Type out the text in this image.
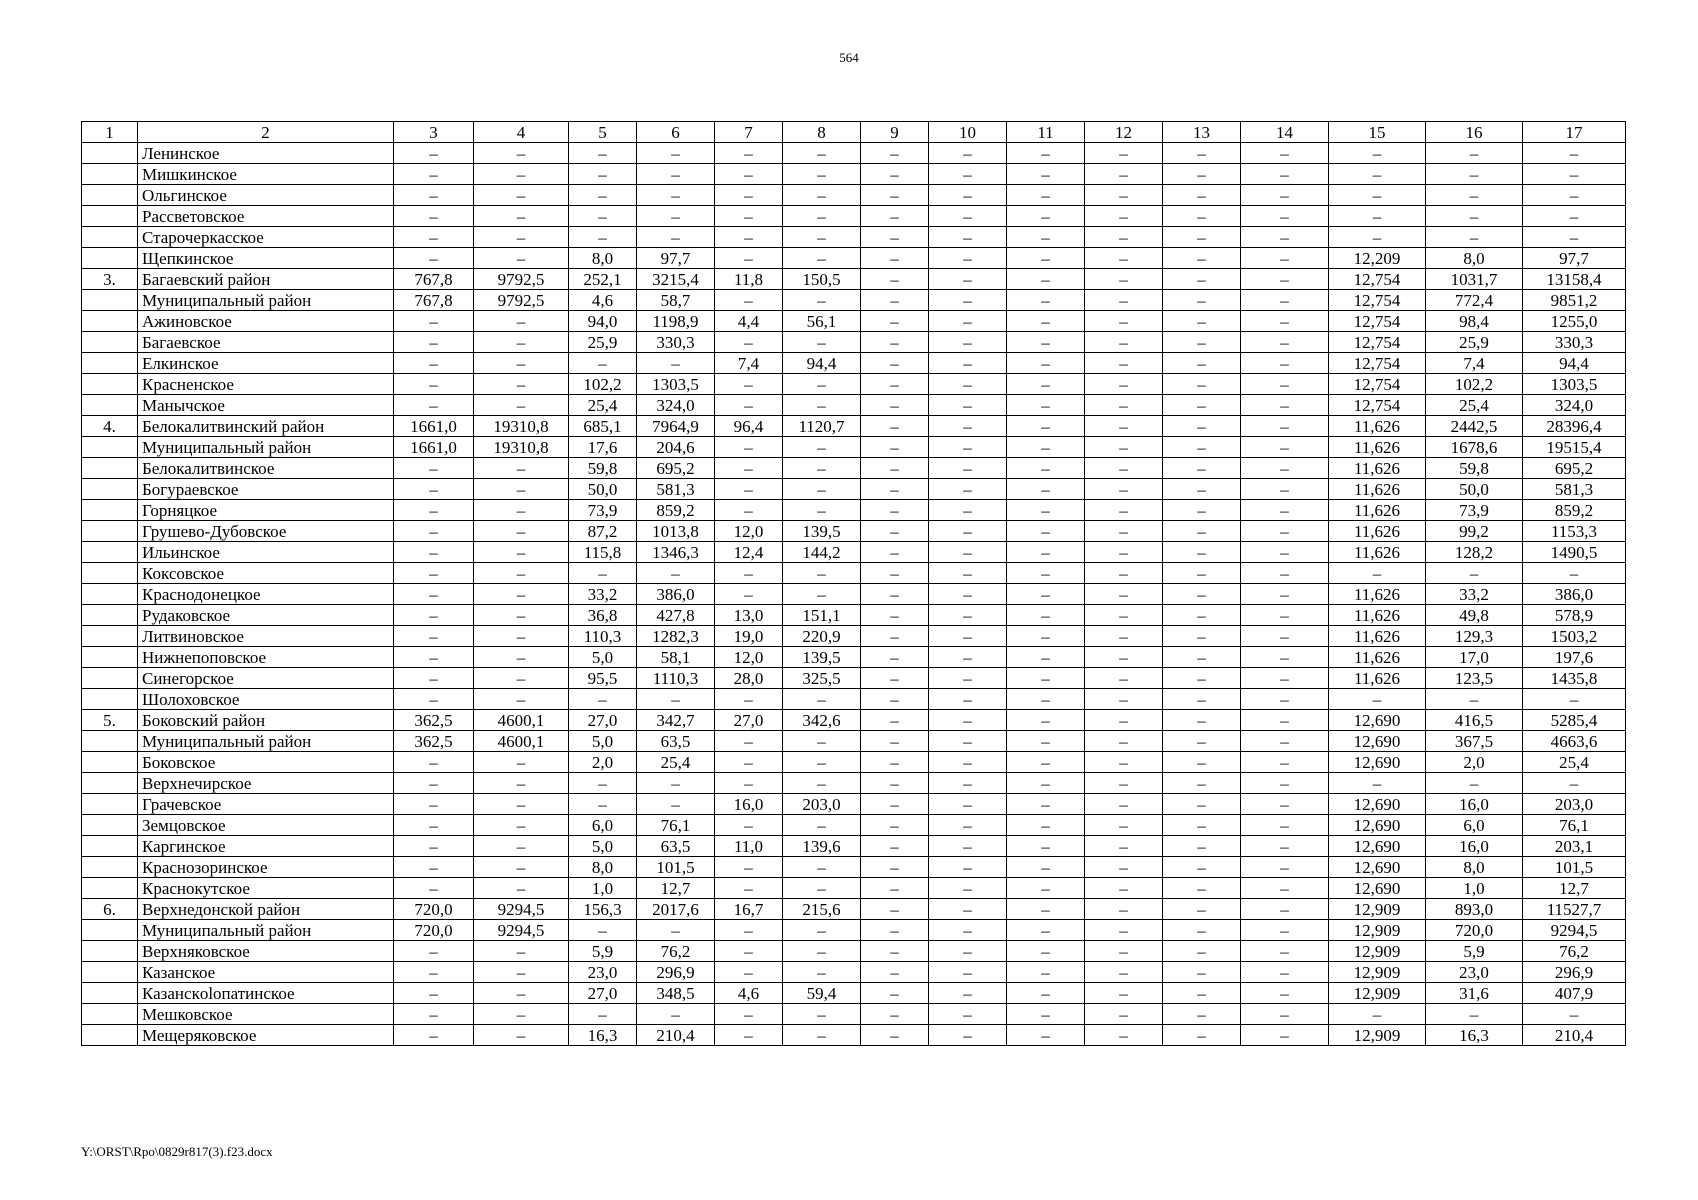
564
1	2	3	4	5	6	7	8	9	10	11	12	13	14	15	16	17
	Ленинское	–	–	–	–	–	–	–	–	–	–	–	–	–	–	–
	Мишкинское	–	–	–	–	–	–	–	–	–	–	–	–	–	–	–
	Ольгинское	–	–	–	–	–	–	–	–	–	–	–	–	–	–	–
	Рассветовское	–	–	–	–	–	–	–	–	–	–	–	–	–	–	–
	Старочеркасское	–	–	–	–	–	–	–	–	–	–	–	–	–	–	–
	Щепкинское	–	–	8,0	97,7	–	–	–	–	–	–	–	–	12,209	8,0	97,7
3.	Багаевский район	767,8	9792,5	252,1	3215,4	11,8	150,5	–	–	–	–	–	–	12,754	1031,7	13158,4
	Муниципальный район	767,8	9792,5	4,6	58,7	–	–	–	–	–	–	–	–	12,754	772,4	9851,2
	Ажиновское	–	–	94,0	1198,9	4,4	56,1	–	–	–	–	–	–	12,754	98,4	1255,0
	Багаевское	–	–	25,9	330,3	–	–	–	–	–	–	–	–	12,754	25,9	330,3
	Елкинское	–	–	–	–	7,4	94,4	–	–	–	–	–	–	12,754	7,4	94,4
	Красненское	–	–	102,2	1303,5	–	–	–	–	–	–	–	–	12,754	102,2	1303,5
	Манычское	–	–	25,4	324,0	–	–	–	–	–	–	–	–	12,754	25,4	324,0
4.	Белокалитвинский район	1661,0	19310,8	685,1	7964,9	96,4	1120,7	–	–	–	–	–	–	11,626	2442,5	28396,4
	Муниципальный район	1661,0	19310,8	17,6	204,6	–	–	–	–	–	–	–	–	11,626	1678,6	19515,4
	Белокалитвинское	–	–	59,8	695,2	–	–	–	–	–	–	–	–	11,626	59,8	695,2
	Богураевское	–	–	50,0	581,3	–	–	–	–	–	–	–	–	11,626	50,0	581,3
	Горняцкое	–	–	73,9	859,2	–	–	–	–	–	–	–	–	11,626	73,9	859,2
	Грушево-Дубовское	–	–	87,2	1013,8	12,0	139,5	–	–	–	–	–	–	11,626	99,2	1153,3
	Ильинское	–	–	115,8	1346,3	12,4	144,2	–	–	–	–	–	–	11,626	128,2	1490,5
	Коксовское	–	–	–	–	–	–	–	–	–	–	–	–	–	–	–
	Краснодонецкое	–	–	33,2	386,0	–	–	–	–	–	–	–	–	11,626	33,2	386,0
	Рудаковское	–	–	36,8	427,8	13,0	151,1	–	–	–	–	–	–	11,626	49,8	578,9
	Литвиновское	–	–	110,3	1282,3	19,0	220,9	–	–	–	–	–	–	11,626	129,3	1503,2
	Нижнепоповское	–	–	5,0	58,1	12,0	139,5	–	–	–	–	–	–	11,626	17,0	197,6
	Синегорское	–	–	95,5	1110,3	28,0	325,5	–	–	–	–	–	–	11,626	123,5	1435,8
	Шолоховское	–	–	–	–	–	–	–	–	–	–	–	–	–	–	–
5.	Боковский район	362,5	4600,1	27,0	342,7	27,0	342,6	–	–	–	–	–	–	12,690	416,5	5285,4
	Муниципальный район	362,5	4600,1	5,0	63,5	–	–	–	–	–	–	–	–	12,690	367,5	4663,6
	Боковское	–	–	2,0	25,4	–	–	–	–	–	–	–	–	12,690	2,0	25,4
	Верхнечирское	–	–	–	–	–	–	–	–	–	–	–	–	–	–	–
	Грачевское	–	–	–	–	16,0	203,0	–	–	–	–	–	–	12,690	16,0	203,0
	Земцовское	–	–	6,0	76,1	–	–	–	–	–	–	–	–	12,690	6,0	76,1
	Каргинское	–	–	5,0	63,5	11,0	139,6	–	–	–	–	–	–	12,690	16,0	203,1
	Краснозоринское	–	–	8,0	101,5	–	–	–	–	–	–	–	–	12,690	8,0	101,5
	Краснокутское	–	–	1,0	12,7	–	–	–	–	–	–	–	–	12,690	1,0	12,7
6.	Верхнедонской район	720,0	9294,5	156,3	2017,6	16,7	215,6	–	–	–	–	–	–	12,909	893,0	11527,7
	Муниципальный район	720,0	9294,5	–	–	–	–	–	–	–	–	–	–	12,909	720,0	9294,5
	Верхняковское	–	–	5,9	76,2	–	–	–	–	–	–	–	–	12,909	5,9	76,2
	Казанское	–	–	23,0	296,9	–	–	–	–	–	–	–	–	12,909	23,0	296,9
	Казанскolопатинское	–	–	27,0	348,5	4,6	59,4	–	–	–	–	–	–	12,909	31,6	407,9
	Мешковское	–	–	–	–	–	–	–	–	–	–	–	–	–	–	–
	Мещеряковское	–	–	16,3	210,4	–	–	–	–	–	–	–	–	12,909	16,3	210,4
Y:\ORST\Rpo\0829r817(3).f23.docx
